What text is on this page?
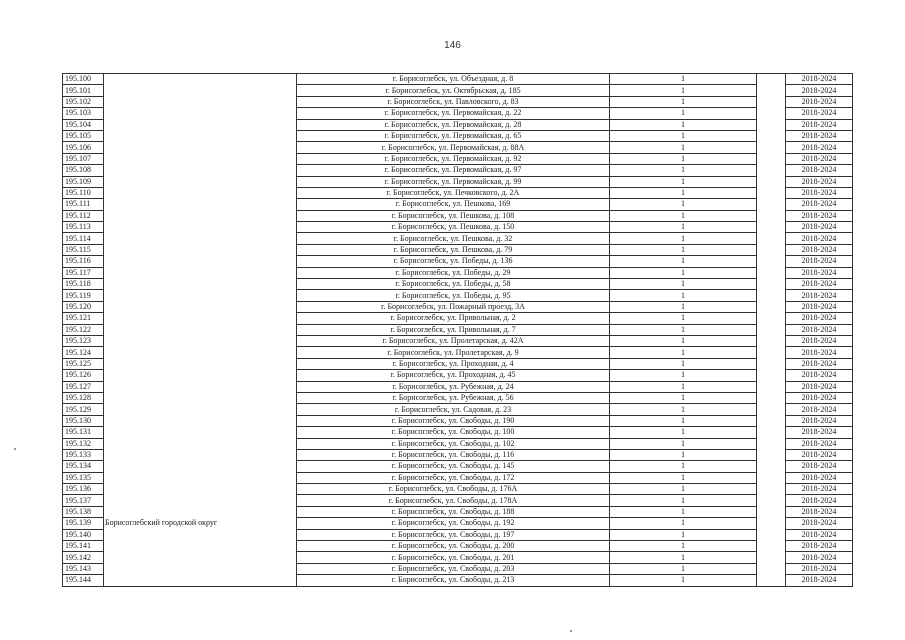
146
195.100		г. Борисоглебск, ул. Объездная, д. 8	1		2018-2024
195.101		г. Борисоглебск, ул. Октябрьская, д. 185	1		2018-2024
195.102		г. Борисоглебск, ул. Павловского, д. 83	1		2018-2024
195.103		г. Борисоглебск, ул. Первомайская, д. 22	1		2018-2024
195.104		г. Борисоглебск, ул. Первомайская, д. 28	1		2018-2024
195.105		г. Борисоглебск, ул. Первомайская, д. 65	1		2018-2024
195.106		г. Борисоглебск, ул. Первомайская, д. 88А	1		2018-2024
195.107		г. Борисоглебск, ул. Первомайская, д. 92	1		2018-2024
195.108		г. Борисоглебск, ул. Первомайская, д. 97	1		2018-2024
195.109		г. Борисоглебск, ул. Первомайская, д. 99	1		2018-2024
195.110		г. Борисоглебск, ул. Печковского, д. 2А	1		2018-2024
195.111		г. Борисоглебск, ул. Пешкова, 169	1		2018-2024
195.112		г. Борисоглебск, ул. Пешкова, д. 108	1		2018-2024
195.113		г. Борисоглебск, ул. Пешкова, д. 150	1		2018-2024
195.114		г. Борисоглебск, ул. Пешкова, д. 32	1		2018-2024
195.115		г. Борисоглебск, ул. Пешкова, д. 79	1		2018-2024
195.116		г. Борисоглебск, ул. Победы, д. 136	1		2018-2024
195.117		г. Борисоглебск, ул. Победы, д. 29	1		2018-2024
195.118		г. Борисоглебск, ул. Победы, д. 58	1		2018-2024
195.119		г. Борисоглебск, ул. Победы, д. 95	1		2018-2024
195.120		г. Борисоглебск, ул. Пожарный проезд, 3А	1		2018-2024
195.121		г. Борисоглебск, ул. Привольная, д. 2	1		2018-2024
195.122		г. Борисоглебск, ул. Привольная, д. 7	1		2018-2024
195.123		г. Борисоглебск, ул. Пролетарская, д. 42А	1		2018-2024
195.124		г. Борисоглебск, ул. Пролетарская, д. 9	1		2018-2024
195.125		г. Борисоглебск, ул. Проходная, д. 4	1		2018-2024
195.126		г. Борисоглебск, ул. Проходная, д. 45	1		2018-2024
195.127		г. Борисоглебск, ул. Рубежная, д. 24	1		2018-2024
195.128		г. Борисоглебск, ул. Рубежная, д. 56	1		2018-2024
195.129		г. Борисоглебск, ул. Садовая, д. 23	1		2018-2024
195.130		г. Борисоглебск, ул. Свободы, д. 190	1		2018-2024
195.131		г. Борисоглебск, ул. Свободы, д. 100	1		2018-2024
195.132		г. Борисоглебск, ул. Свободы, д. 102	1		2018-2024
195.133		г. Борисоглебск, ул. Свободы, д. 116	1		2018-2024
195.134		г. Борисоглебск, ул. Свободы, д. 145	1		2018-2024
195.135		г. Борисоглебск, ул. Свободы, д. 172	1		2018-2024
195.136		г. Борисоглебск, ул. Свободы, д. 176А	1		2018-2024
195.137		г. Борисоглебск, ул. Свободы, д. 178А	1		2018-2024
195.138		г. Борисоглебск, ул. Свободы, д. 188	1		2018-2024
195.139	Борисоглебский городской округ	г. Борисоглебск, ул. Свободы, д. 192	1		2018-2024
195.140		г. Борисоглебск, ул. Свободы, д. 197	1		2018-2024
195.141		г. Борисоглебск, ул. Свободы, д. 200	1		2018-2024
195.142		г. Борисоглебск, ул. Свободы, д. 201	1		2018-2024
195.143		г. Борисоглебск, ул. Свободы, д. 203	1		2018-2024
195.144		г. Борисоглебск, ул. Свободы, д. 213	1		2018-2024
